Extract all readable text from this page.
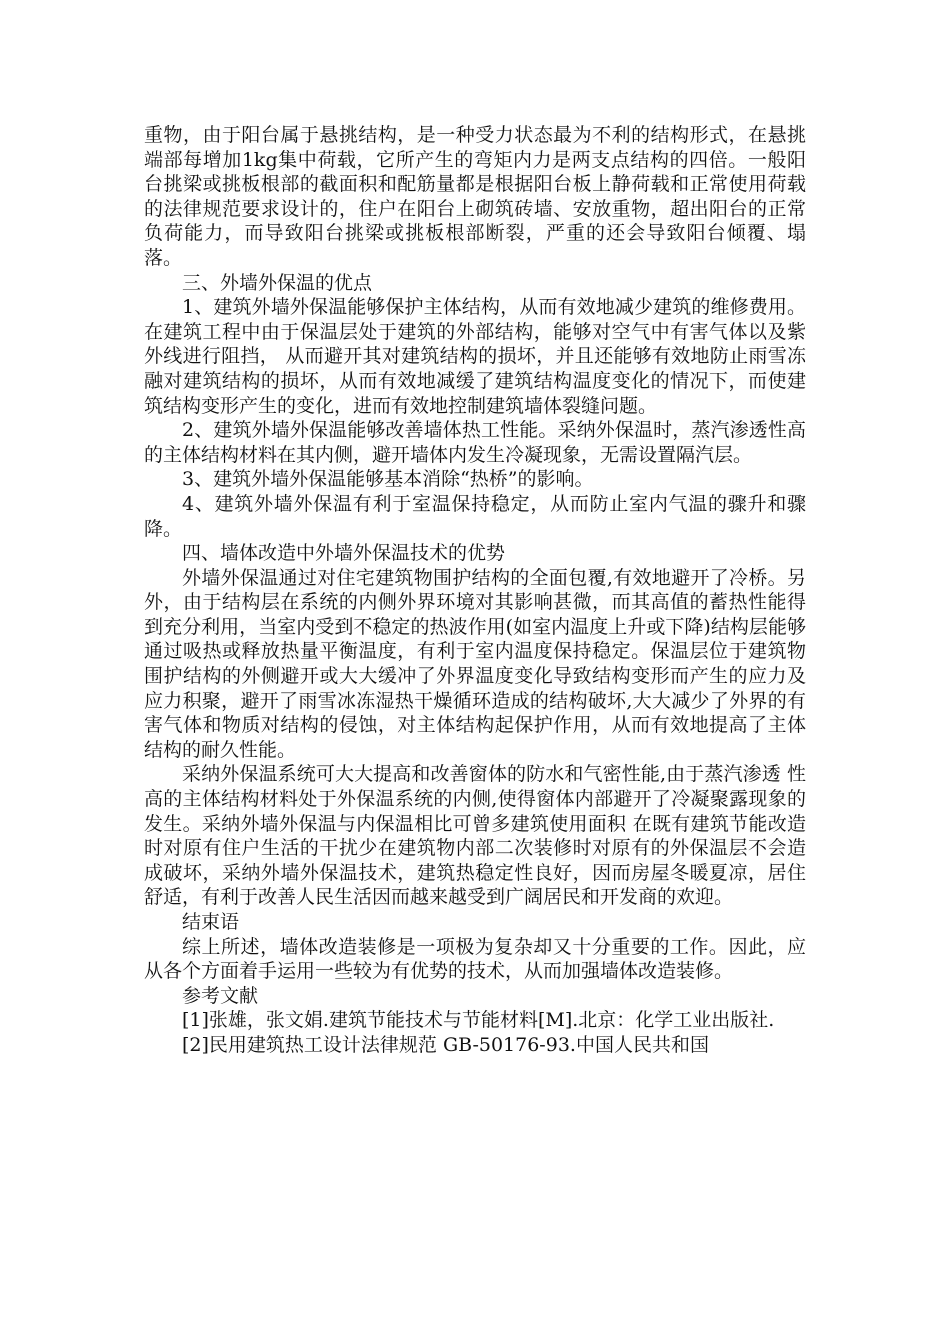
重物，由于阳台属于悬挑结构，是一种受力状态最为不利的结构形式，在悬挑端部每增加1kg集中荷载，它所产生的弯矩内力是两支点结构的四倍。一般阳台挑梁或挑板根部的截面积和配筋量都是根据阳台板上静荷载和正常使用荷载的法律规范要求设计的，住户在阳台上砌筑砖墙、安放重物，超出阳台的正常负荷能力，而导致阳台挑梁或挑板根部断裂，严重的还会导致阳台倾覆、塌落。

三、外墙外保温的优点

1、建筑外墙外保温能够保护主体结构，从而有效地减少建筑的维修费用。在建筑工程中由于保温层处于建筑的外部结构，能够对空气中有害气体以及紫外线进行阻挡， 从而避开其对建筑结构的损坏，并且还能够有效地防止雨雪冻融对建筑结构的损坏，从而有效地减缓了建筑结构温度变化的情况下，而使建筑结构变形产生的变化，进而有效地控制建筑墙体裂缝问题。

2、建筑外墙外保温能够改善墙体热工性能。采纳外保温时，蒸汽渗透性高的主体结构材料在其内侧，避开墙体内发生冷凝现象，无需设置隔汽层。

3、建筑外墙外保温能够基本消除“热桥”的影响。

4、建筑外墙外保温有利于室温保持稳定，从而防止室内气温的骤升和骤降。

四、墙体改造中外墙外保温技术的优势

外墙外保温通过对住宅建筑物围护结构的全面包覆,有效地避开了冷桥。另外，由于结构层在系统的内侧外界环境对其影响甚微，而其高值的蓄热性能得到充分利用，当室内受到不稳定的热波作用(如室内温度上升或下降)结构层能够通过吸热或释放热量平衡温度，有利于室内温度保持稳定。保温层位于建筑物围护结构的外侧避开或大大缓冲了外界温度变化导致结构变形而产生的应力及应力积聚，避开了雨雪冰冻湿热干燥循环造成的结构破坏,大大减少了外界的有害气体和物质对结构的侵蚀，对主体结构起保护作用，从而有效地提高了主体结构的耐久性能。

采纳外保温系统可大大提高和改善窗体的防水和气密性能,由于蒸汽渗透 性高的主体结构材料处于外保温系统的内侧,使得窗体内部避开了冷凝聚露现象的发生。采纳外墙外保温与内保温相比可曾多建筑使用面积 在既有建筑节能改造时对原有住户生活的干扰少在建筑物内部二次装修时对原有的外保温层不会造成破坏，采纳外墙外保温技术，建筑热稳定性良好，因而房屋冬暖夏凉，居住舒适，有利于改善人民生活因而越来越受到广阔居民和开发商的欢迎。

结束语

综上所述，墙体改造装修是一项极为复杂却又十分重要的工作。因此，应从各个方面着手运用一些较为有优势的技术，从而加强墙体改造装修。

参考文献

[1]张雄，张文娟.建筑节能技术与节能材料[M].北京：化学工业出版社.

[2]民用建筑热工设计法律规范 GB-50176-93.中国人民共和国
